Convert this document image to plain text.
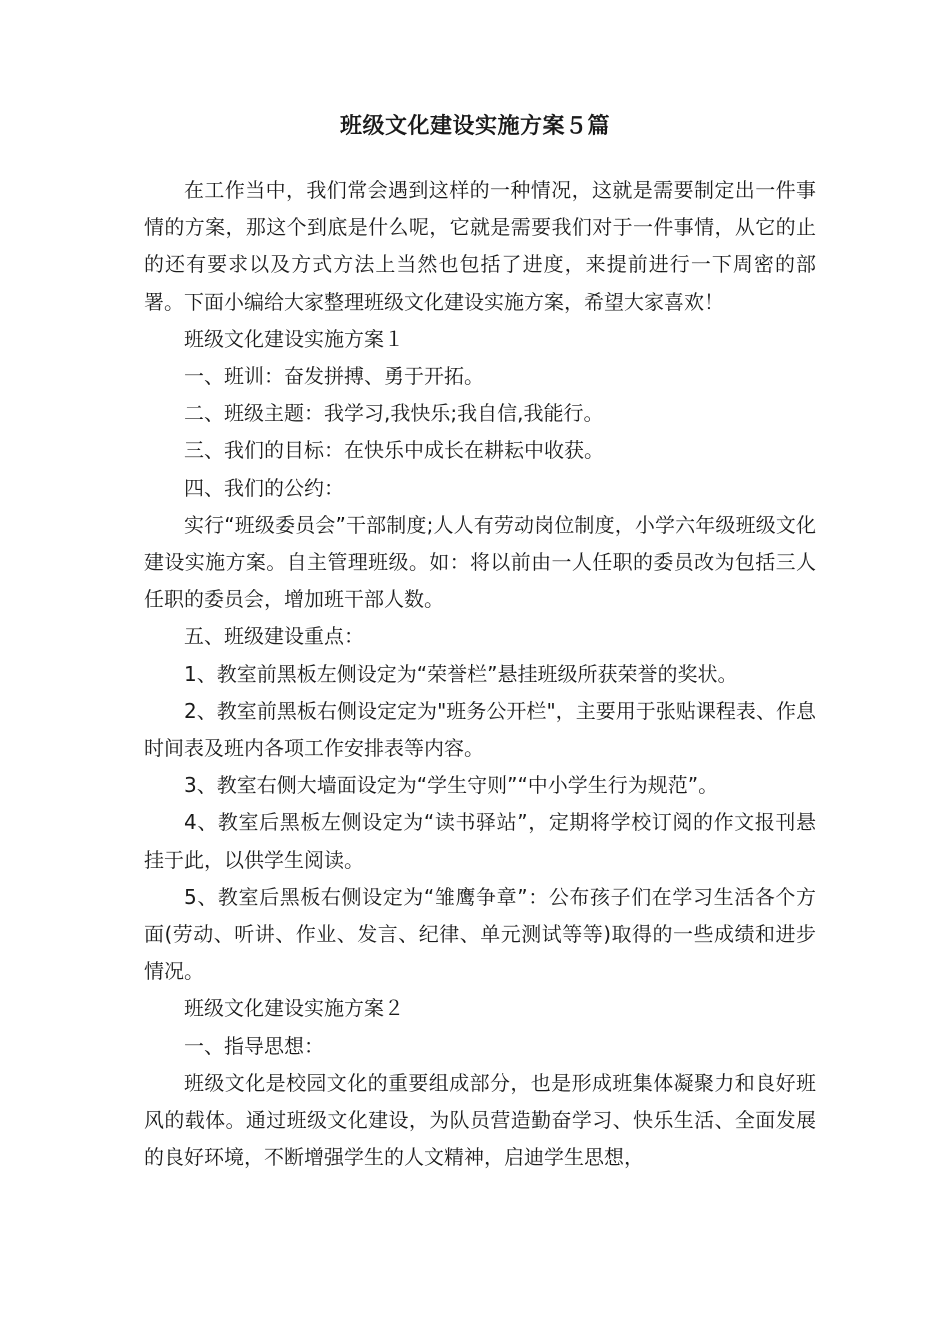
班级文化建设实施方案５篇

在工作当中，我们常会遇到这样的一种情况，这就是需要制定出一件事情的方案，那这个到底是什么呢，它就是需要我们对于一件事情，从它的止的还有要求以及方式方法上当然也包括了进度，来提前进行一下周密的部署。下面小编给大家整理班级文化建设实施方案，希望大家喜欢！

班级文化建设实施方案１

一、班训：奋发拼搏、勇于开拓。

二、班级主题：我学习,我快乐;我自信,我能行。

三、我们的目标：在快乐中成长在耕耘中收获。

四、我们的公约：

实行“班级委员会”干部制度;人人有劳动岗位制度，小学六年级班级文化建设实施方案。自主管理班级。如：将以前由一人任职的委员改为包括三人任职的委员会，增加班干部人数。

五、班级建设重点：

1、教室前黑板左侧设定为“荣誉栏”悬挂班级所获荣誉的奖状。

2、教室前黑板右侧设定定为"班务公开栏"，主要用于张贴课程表、作息时间表及班内各项工作安排表等内容。

3、教室右侧大墙面设定为“学生守则”“中小学生行为规范”。

4、教室后黑板左侧设定为“读书驿站”，定期将学校订阅的作文报刊悬挂于此，以供学生阅读。

5、教室后黑板右侧设定为“雏鹰争章”：公布孩子们在学习生活各个方面(劳动、听讲、作业、发言、纪律、单元测试等等)取得的一些成绩和进步情况。

班级文化建设实施方案２

一、指导思想：

班级文化是校园文化的重要组成部分，也是形成班集体凝聚力和良好班风的载体。通过班级文化建设，为队员营造勤奋学习、快乐生活、全面发展的良好环境，不断增强学生的人文精神，启迪学生思想，
